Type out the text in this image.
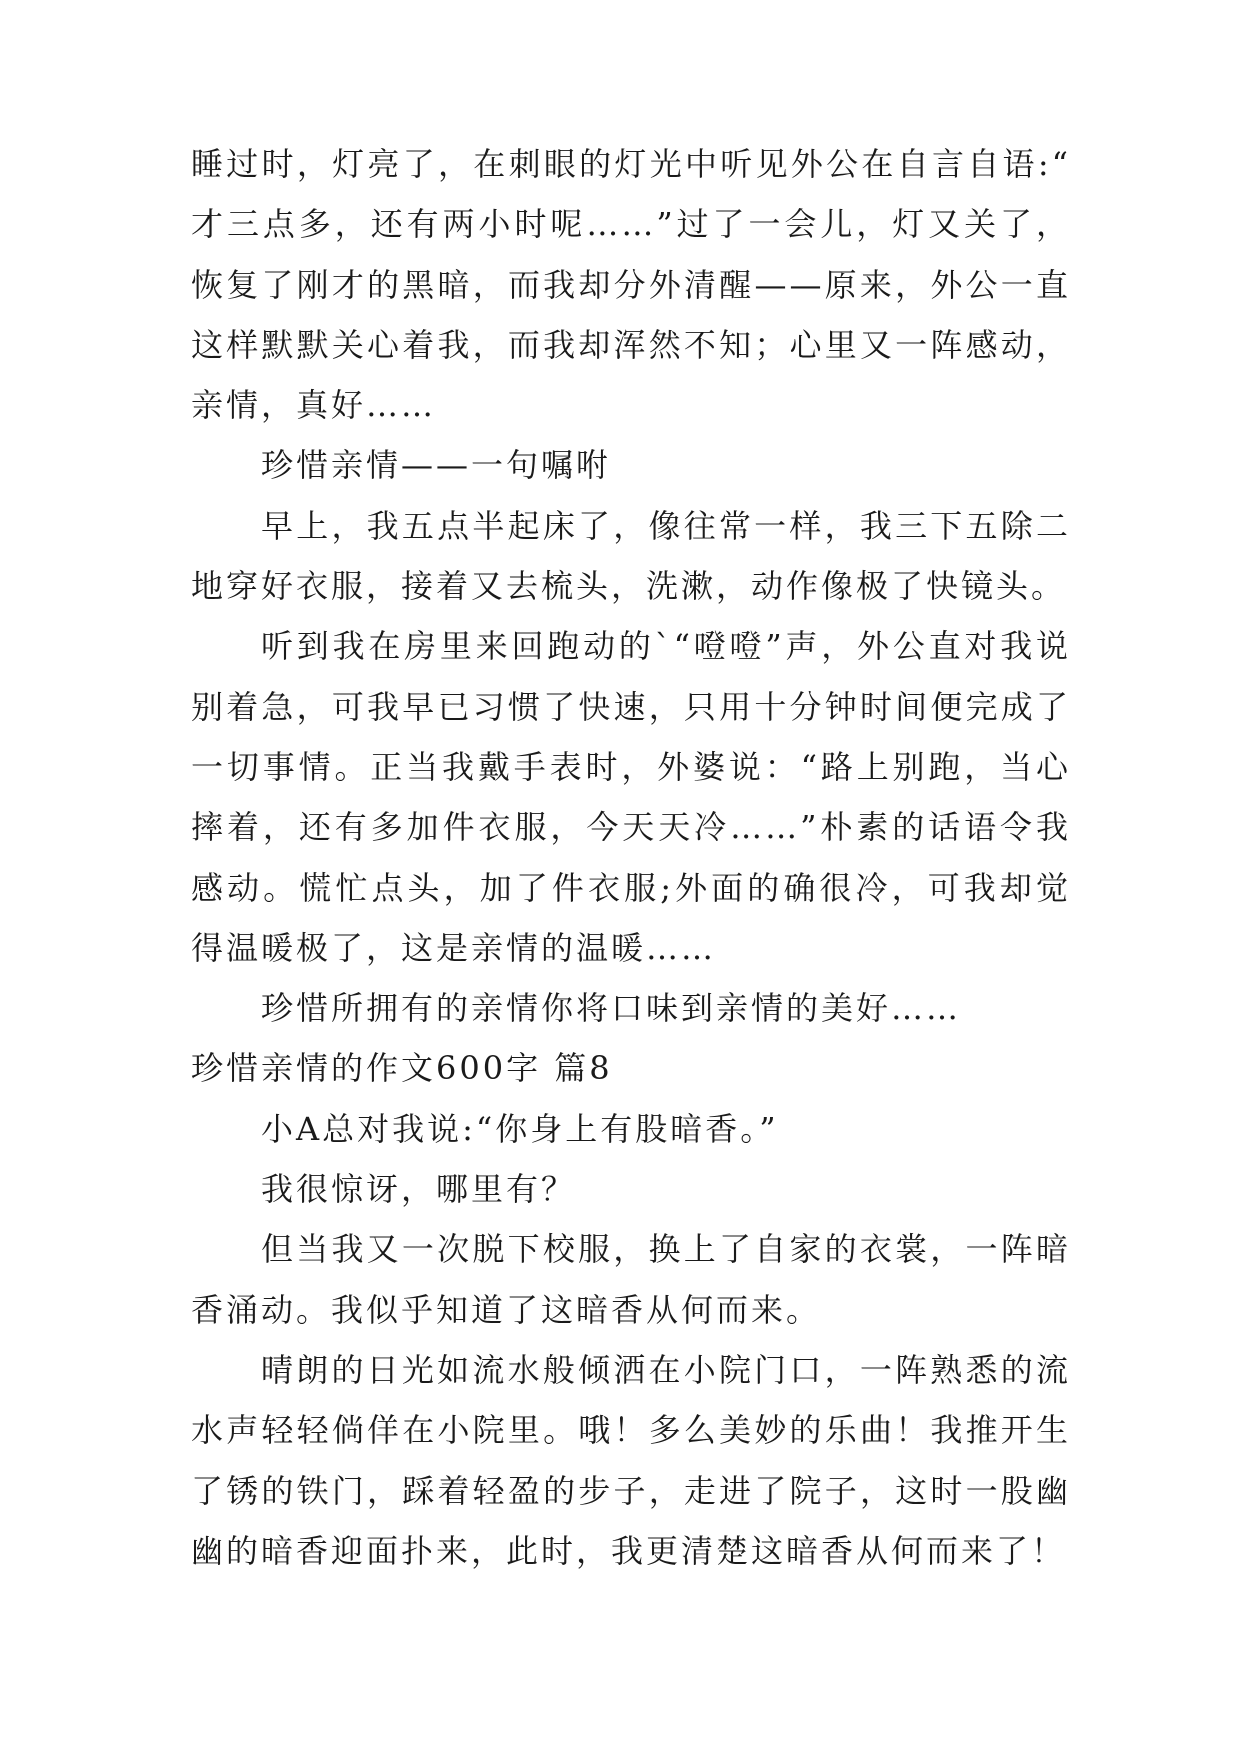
睡过时，灯亮了，在刺眼的灯光中听见外公在自言自语:“才三点多，还有两小时呢……”过了一会儿，灯又关了，恢复了刚才的黑暗，而我却分外清醒——原来，外公一直这样默默关心着我，而我却浑然不知；心里又一阵感动，亲情，真好……

珍惜亲情——一句嘱咐

早上，我五点半起床了，像往常一样，我三下五除二地穿好衣服，接着又去梳头，洗漱，动作像极了快镜头。

听到我在房里来回跑动的`“噔噔”声，外公直对我说别着急，可我早已习惯了快速，只用十分钟时间便完成了一切事情。正当我戴手表时，外婆说：“路上别跑，当心摔着，还有多加件衣服，今天天冷……”朴素的话语令我感动。慌忙点头，加了件衣服;外面的确很冷，可我却觉得温暖极了，这是亲情的温暖……

珍惜所拥有的亲情你将口味到亲情的美好……

珍惜亲情的作文600字 篇8

小A总对我说:“你身上有股暗香。”

我很惊讶，哪里有？

但当我又一次脱下校服，换上了自家的衣裳，一阵暗香涌动。我似乎知道了这暗香从何而来。

晴朗的日光如流水般倾洒在小院门口，一阵熟悉的流水声轻轻倘佯在小院里。哦！多么美妙的乐曲！我推开生了锈的铁门，踩着轻盈的步子，走进了院子，这时一股幽幽的暗香迎面扑来，此时，我更清楚这暗香从何而来了！
